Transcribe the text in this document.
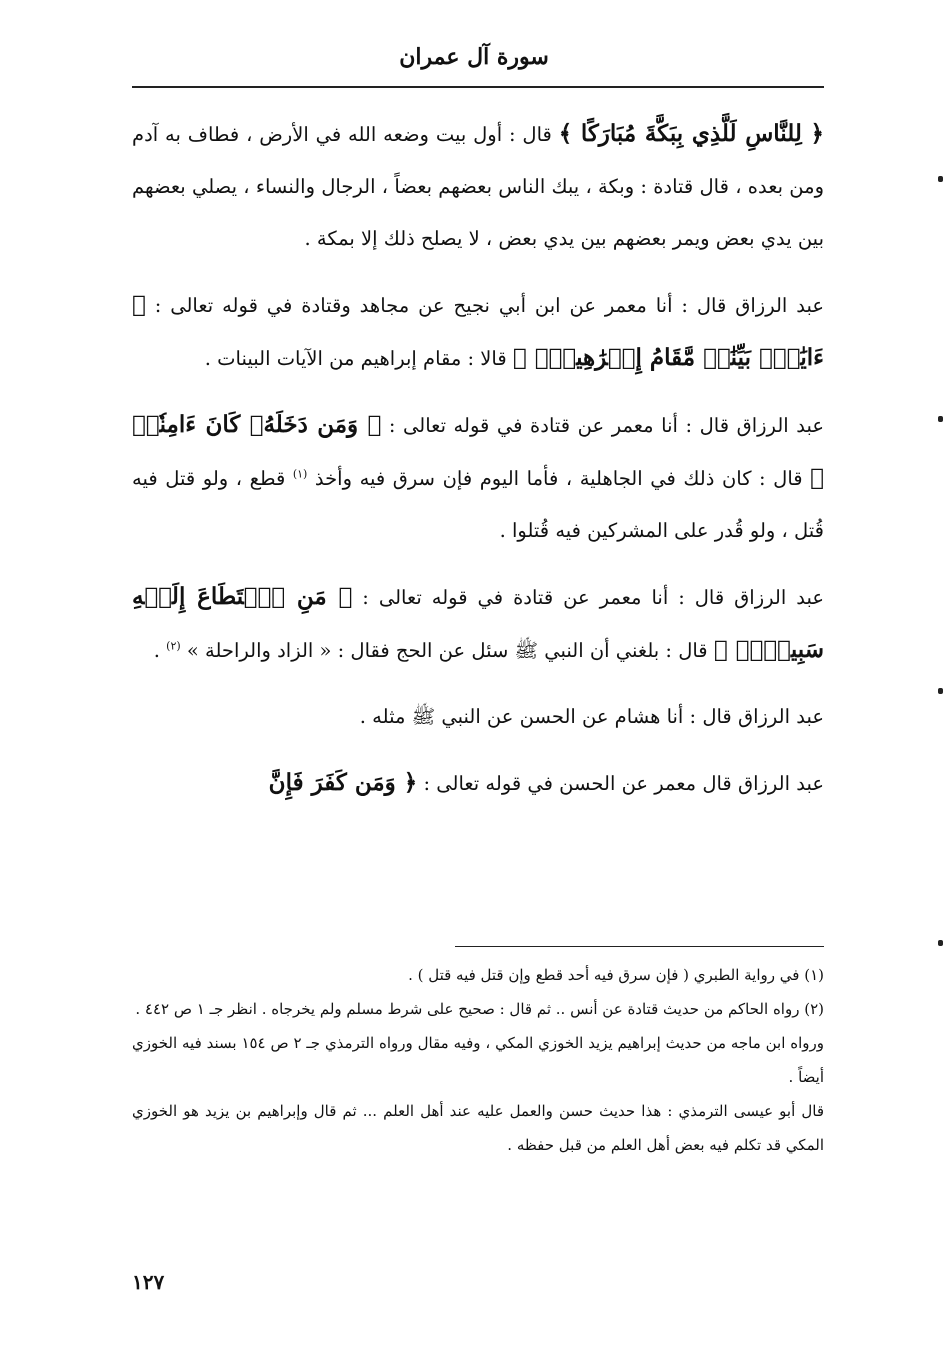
سورة آل عمران

﴿ لِلنَّاسِ لَلَّذِي بِبَكَّةَ مُبَارَكًا ﴾ قال : أول بيت وضعه الله في الأرض ، فطاف به آدم ومن بعده ، قال قتادة : وبكة ، يبك الناس بعضهم بعضاً ، الرجال والنساء ، يصلي بعضهم بين يدي بعض ويمر بعضهم بين يدي بعض ، لا يصلح ذلك إلا بمكة .

عبد الرزاق قال : أنا معمر عن ابن أبي نجيح عن مجاهد وقتادة في قوله تعالى : ﴿ ءَايَٰتُۢ بَيِّنَٰتٞ مَّقَامُ إِبۡرَٰهِيمَۖ ﴾ قالا : مقام إبراهيم من الآيات البينات .

عبد الرزاق قال : أنا معمر عن قتادة في قوله تعالى : ﴿ وَمَن دَخَلَهُۥ كَانَ ءَامِنٗاۗ ﴾ قال : كان ذلك في الجاهلية ، فأما اليوم فإن سرق فيه وأخذ $^{(١)}$ قطع ، ولو قتل فيه قُتل ، ولو قُدر على المشركين فيه قُتلوا .

عبد الرزاق قال : أنا معمر عن قتادة في قوله تعالى : ﴿ مَنِ ٱسۡتَطَاعَ إِلَيۡهِ سَبِيلٗاۚ ﴾ قال : بلغني أن النبي ﷺ سئل عن الحج فقال : « الزاد والراحلة » $^{(٢)}$ .

عبد الرزاق قال : أنا هشام عن الحسن عن النبي ﷺ مثله .

عبد الرزاق قال معمر عن الحسن في قوله تعالى : ﴿ وَمَن كَفَرَ فَإِنَّ

(١) في رواية الطبري ( فإن سرق فيه أحد قطع وإن قتل فيه قتل ) .

(٢) رواه الحاكم من حديث قتادة عن أنس .. ثم قال : صحيح على شرط مسلم ولم يخرجاه . انظر جـ ١ ص ٤٤٢ .

ورواه ابن ماجه من حديث إبراهيم يزيد الخوزي المكي ، وفيه مقال ورواه الترمذي جـ ٢ ص ١٥٤ بسند فيه الخوزي أيضاً .

قال أبو عيسى الترمذي : هذا حديث حسن والعمل عليه عند أهل العلم ... ثم قال وإبراهيم بن يزيد هو الخوزي المكي قد تكلم فيه بعض أهل العلم من قبل حفظه .

١٢٧
